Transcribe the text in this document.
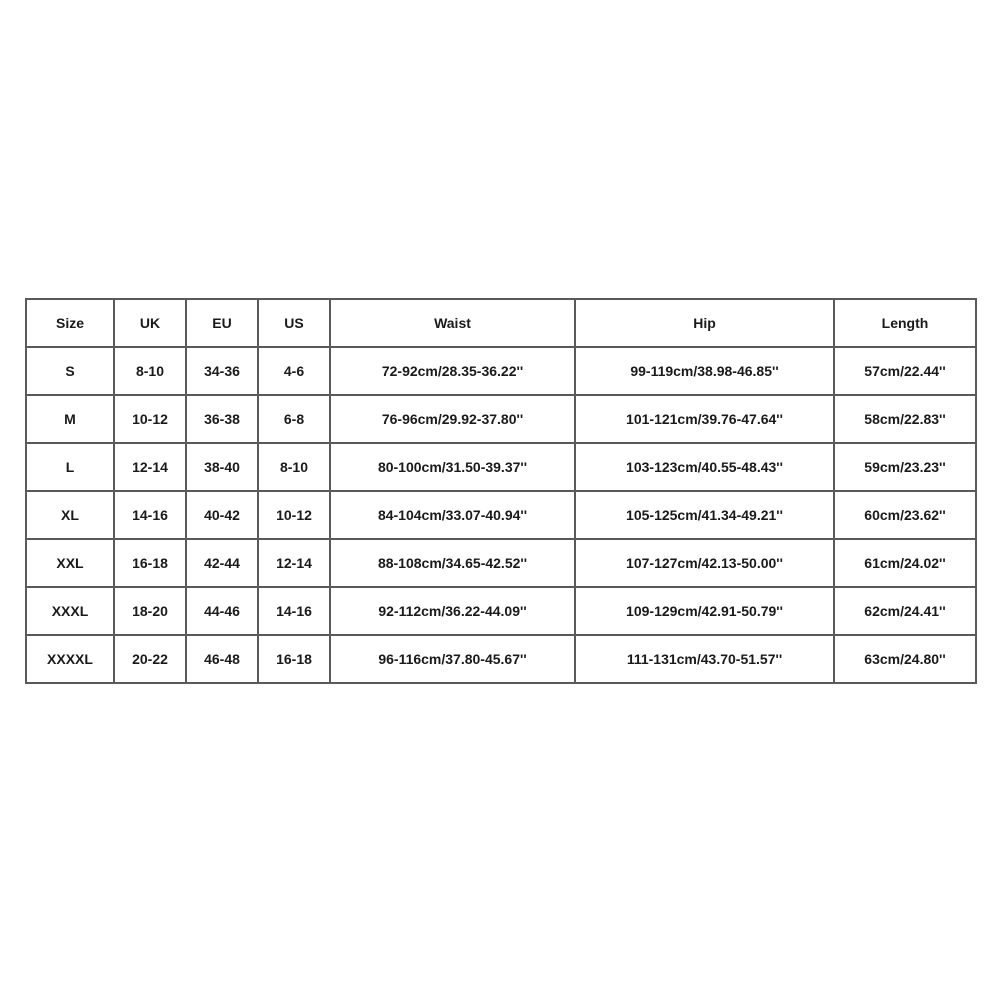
Size	UK	EU	US	Waist	Hip	Length
S	8-10	34-36	4-6	72-92cm/28.35-36.22''	99-119cm/38.98-46.85''	57cm/22.44''
M	10-12	36-38	6-8	76-96cm/29.92-37.80''	101-121cm/39.76-47.64''	58cm/22.83''
L	12-14	38-40	8-10	80-100cm/31.50-39.37''	103-123cm/40.55-48.43''	59cm/23.23''
XL	14-16	40-42	10-12	84-104cm/33.07-40.94''	105-125cm/41.34-49.21''	60cm/23.62''
XXL	16-18	42-44	12-14	88-108cm/34.65-42.52''	107-127cm/42.13-50.00''	61cm/24.02''
XXXL	18-20	44-46	14-16	92-112cm/36.22-44.09''	109-129cm/42.91-50.79''	62cm/24.41''
XXXXL	20-22	46-48	16-18	96-116cm/37.80-45.67''	111-131cm/43.70-51.57''	63cm/24.80''
